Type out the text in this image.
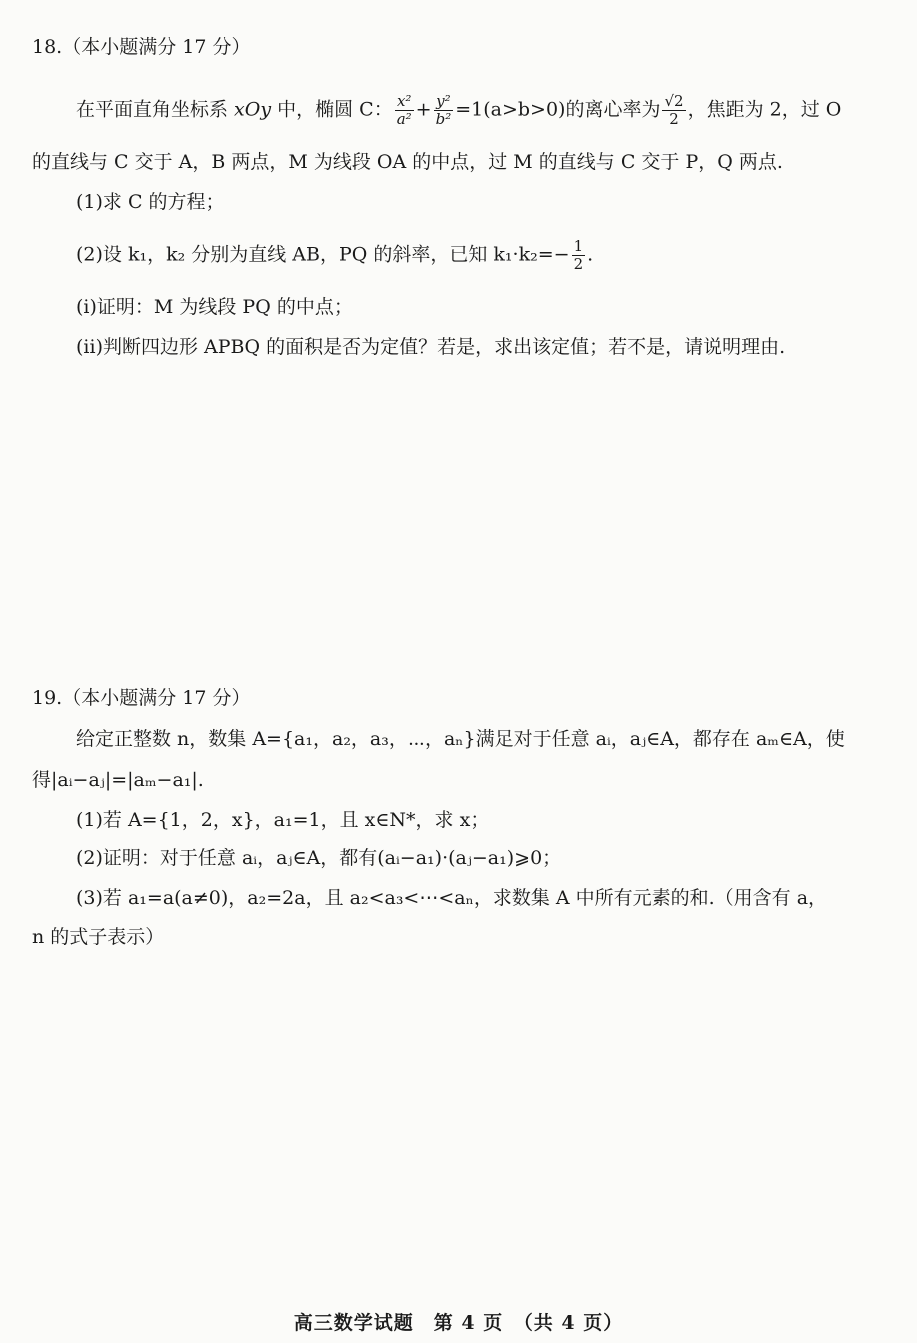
18.（本小题满分 17 分）
在平面直角坐标系 xOy 中，椭圆 C： $\frac{\text{x²}}{\text{a²}} + \frac{\text{y²}}{\text{b²}} =1(a>b>0)$的离心率为 $\frac{√2}{2}$ ，焦距为 2，过 O
的直线与 C 交于 A，B 两点，M 为线段 OA 的中点，过 M 的直线与 C 交于 P，Q 两点.
(1)求 C 的方程；
(2)设 k₁，k₂ 分别为直线 AB，PQ 的斜率，已知 $k_1\cdot k_2=- \frac{1}{2}$ .
(i)证明：M 为线段 PQ 的中点；
(ii)判断四边形 APBQ 的面积是否为定值？若是，求出该定值；若不是，请说明理由.
19.（本小题满分 17 分）
给定正整数 n，数集 A={a₁，a₂，a₃，⋯，aₙ}满足对于任意 aᵢ，aⱼ∈A，都存在 aₘ∈A，使
得|aᵢ−aⱼ|=|aₘ−a₁|.
(1)若 A={1，2，x}，a₁=1，且 x∈N*，求 x；
(2)证明：对于任意 aᵢ，aⱼ∈A，都有(aᵢ−a₁)·(aⱼ−a₁)⩾0；
(3)若 a₁=a(a≠0)，a₂=2a，且 a₂<a₃<⋯<aₙ，求数集 A 中所有元素的和.（用含有 a，
n 的式子表示）
高三数学试题　第 4 页　（共 4 页）
